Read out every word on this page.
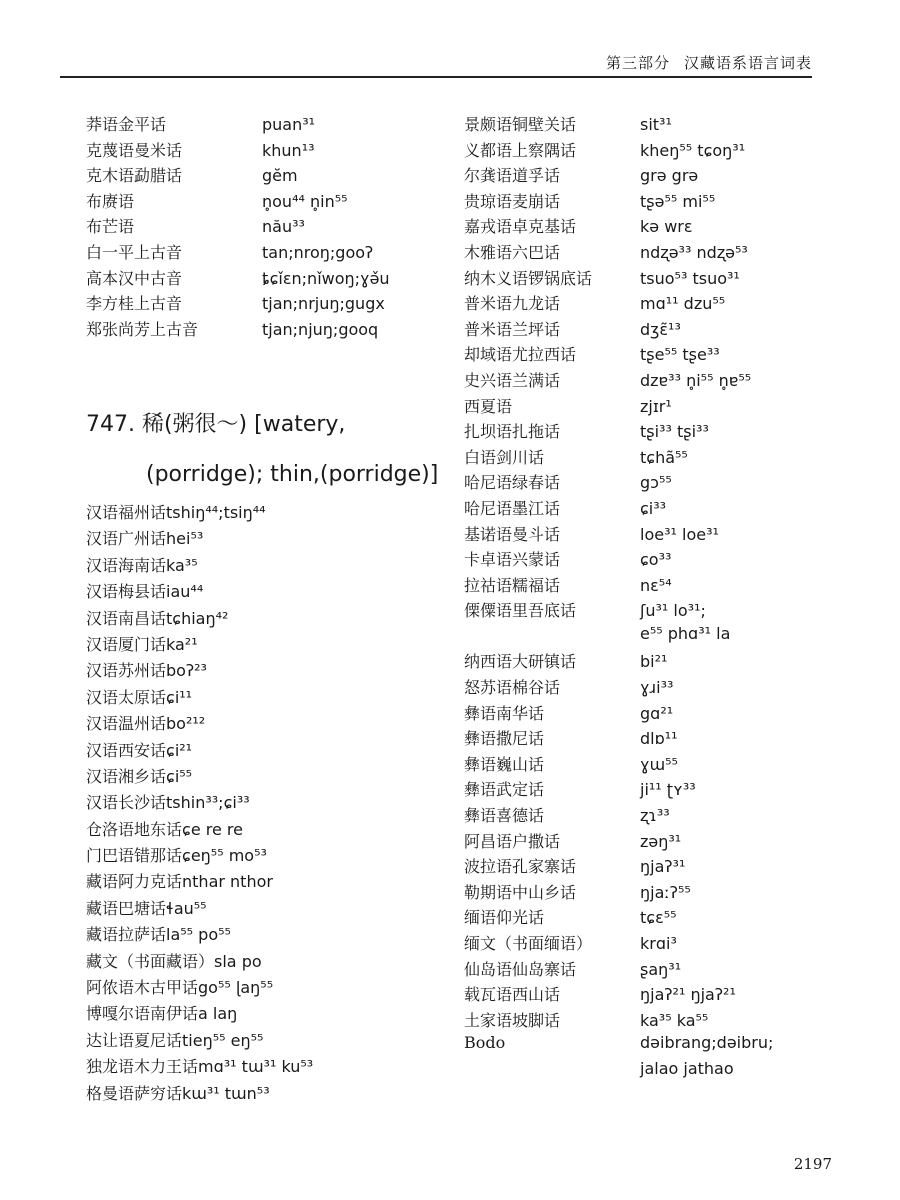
第三部分 汉藏语系语言词表
莽语金平话	puan³¹
克蔑语曼米话	khun¹³
克木语勐腊话	gĕm
布赓语	n̥ou⁴⁴ n̥in⁵⁵
布芒语	nău³³
白一平上古音	tan;nroŋ;gooʔ
高本汉中古音	ȶɕǐɛn;nǐwoŋ;ɣǝ̌u
李方桂上古音	tjan;nrjuŋ;gugx
郑张尚芳上古音	tjan;njuŋ;gooq
747. 稀(粥很～) [watery,
(porridge); thin,(porridge)]
汉语福州话 tshiŋ⁴⁴;tsiŋ⁴⁴
汉语广州话 hei⁵³
汉语海南话 ka³⁵
汉语梅县话 iau⁴⁴
汉语南昌话 tɕhiaŋ⁴²
汉语厦门话 ka²¹
汉语苏州话 boʔ²³
汉语太原话 ɕi¹¹
汉语温州话 bo²¹²
汉语西安话 ɕi²¹
汉语湘乡话 ɕi⁵⁵
汉语长沙话 tshin³³;ɕi³³
仓洛语地东话 ɕe re re
门巴语错那话 ɕeŋ⁵⁵ mo⁵³
藏语阿力克话 nthar nthor
藏语巴塘话 ɬau⁵⁵
藏语拉萨话 la⁵⁵ po⁵⁵
藏文（书面藏语） sla po
阿侬语木古甲话 go⁵⁵ ɭaŋ⁵⁵
博嘎尔语南伊话 a laŋ
达让语夏尼话 tieŋ⁵⁵ eŋ⁵⁵
独龙语木力王话 mɑ³¹ tɯ³¹ ku⁵³
格曼语萨穷话 kɯ³¹ tɯn⁵³
景颇语铜壁关话	sit³¹
义都语上察隅话	kheŋ⁵⁵ tɕoŋ³¹
尔龚语道孚话	grə grə
贵琼语麦崩话	tʂə⁵⁵ mi⁵⁵
嘉戎语卓克基话	kə wrɛ
木雅语六巴话	ndʐə³³ ndʐə⁵³
纳木义语锣锅底话	tsuo⁵³ tsuo³¹
普米语九龙话	mɑ¹¹ dzu⁵⁵
普米语兰坪话	dʒɛ̃¹³
却域语尤拉西话	tʂe⁵⁵ tʂe³³
史兴语兰满话	dzɐ³³ n̥i⁵⁵ n̥ɐ⁵⁵
西夏语	zjɪr¹
扎坝语扎拖话	tʂi³³ tʂi³³
白语剑川话	tɕhã⁵⁵
哈尼语绿春话	gɔ⁵⁵
哈尼语墨江话	ɕi³³
基诺语曼斗话	loe³¹ loe³¹
卡卓语兴蒙话	ɕo³³
拉祜语糯福话	nɛ⁵⁴
傈僳语里吾底话	ʃu³¹ lo³¹;
e⁵⁵ phɑ³¹ la
纳西语大研镇话	bi²¹
怒苏语棉谷话	ɣɹi³³
彝语南华话	gɑ²¹
彝语撒尼话	dlɒ¹¹
彝语巍山话	ɣɯ⁵⁵
彝语武定话	ji¹¹ ʈʏ³³
彝语喜德话	ʐɿ³³
阿昌语户撒话	zəŋ³¹
波拉语孔家寨话	ŋjaʔ³¹
勒期语中山乡话	ŋjaːʔ⁵⁵
缅语仰光话	tɕɛ⁵⁵
缅文（书面缅语）	krɑi³
仙岛语仙岛寨话	ʂaŋ³¹
载瓦语西山话	ŋjaʔ²¹ ŋjaʔ²¹
土家语坡脚话	ka³⁵ ka⁵⁵
Bodo	dəibrang;dəibru;
jalao jathao
2197
